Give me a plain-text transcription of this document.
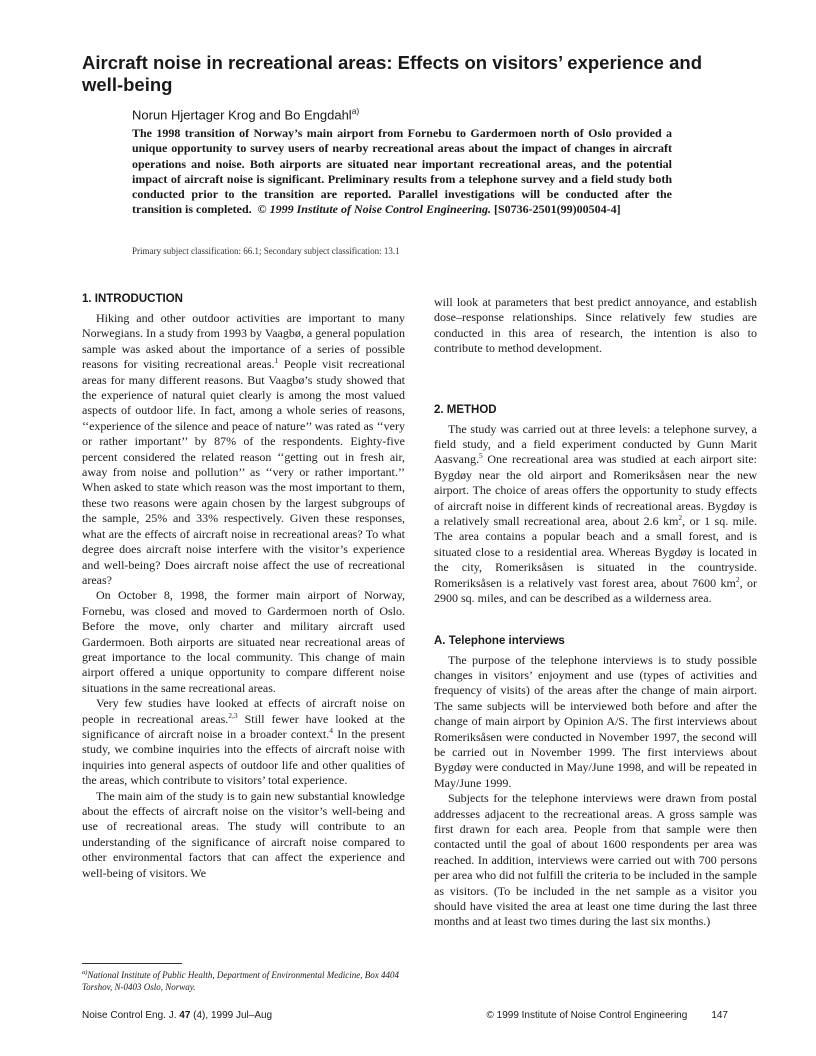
Aircraft noise in recreational areas: Effects on visitors’ experience and well-being
Norun Hjertager Krog and Bo Engdahl$^{a)}$

The 1998 transition of Norway’s main airport from Fornebu to Gardermoen north of Oslo provided a unique opportunity to survey users of nearby recreational areas about the impact of changes in aircraft operations and noise. Both airports are situated near important recreational areas, and the potential impact of aircraft noise is significant. Preliminary results from a telephone survey and a field study both conducted prior to the transition are reported. Parallel investigations will be conducted after the transition is completed. © 1999 Institute of Noise Control Engineering. [S0736-2501(99)00504-4]

Primary subject classification: 66.1; Secondary subject classification: 13.1
1. INTRODUCTION

Hiking and other outdoor activities are important to many Norwegians. In a study from 1993 by Vaagbø, a general population sample was asked about the importance of a series of possible reasons for visiting recreational areas.$^1$ People visit recreational areas for many different reasons. But Vaagbø’s study showed that the experience of natural quiet clearly is among the most valued aspects of outdoor life. In fact, among a whole series of reasons, ‘‘experience of the silence and peace of nature’’ was rated as ‘‘very or rather important’’ by 87% of the respondents. Eighty-five percent considered the related reason ‘‘getting out in fresh air, away from noise and pollution’’ as ‘‘very or rather important.’’ When asked to state which reason was the most important to them, these two reasons were again chosen by the largest subgroups of the sample, 25% and 33% respectively. Given these responses, what are the effects of aircraft noise in recreational areas? To what degree does aircraft noise interfere with the visitor’s experience and well-being? Does aircraft noise affect the use of recreational areas?

On October 8, 1998, the former main airport of Norway, Fornebu, was closed and moved to Gardermoen north of Oslo. Before the move, only charter and military aircraft used Gardermoen. Both airports are situated near recreational areas of great importance to the local community. This change of main airport offered a unique opportunity to compare different noise situations in the same recreational areas.

Very few studies have looked at effects of aircraft noise on people in recreational areas.$^{2,3}$ Still fewer have looked at the significance of aircraft noise in a broader context.$^4$ In the present study, we combine inquiries into the effects of aircraft noise with inquiries into general aspects of outdoor life and other qualities of the areas, which contribute to visitors’ total experience.

The main aim of the study is to gain new substantial knowledge about the effects of aircraft noise on the visitor’s well-being and use of recreational areas. The study will contribute to an understanding of the significance of aircraft noise compared to other environmental factors that can affect the experience and well-being of visitors. We

will look at parameters that best predict annoyance, and establish dose–response relationships. Since relatively few studies are conducted in this area of research, the intention is also to contribute to method development.

2. METHOD

The study was carried out at three levels: a telephone survey, a field study, and a field experiment conducted by Gunn Marit Aasvang.$^5$ One recreational area was studied at each airport site: Bygdøy near the old airport and Romeriksåsen near the new airport. The choice of areas offers the opportunity to study effects of aircraft noise in different kinds of recreational areas. Bygdøy is a relatively small recreational area, about 2.6 $km^2$, or 1 sq. mile. The area contains a popular beach and a small forest, and is situated close to a residential area. Whereas Bygdøy is located in the city, Romeriksåsen is situated in the countryside. Romeriksåsen is a relatively vast forest area, about 7600 $km^2$, or 2900 sq. miles, and can be described as a wilderness area.

A. Telephone interviews

The purpose of the telephone interviews is to study possible changes in visitors’ enjoyment and use (types of activities and frequency of visits) of the areas after the change of main airport. The same subjects will be interviewed both before and after the change of main airport by Opinion A/S. The first interviews about Romeriksåsen were conducted in November 1997, the second will be carried out in November 1999. The first interviews about Bygdøy were conducted in May/June 1998, and will be repeated in May/June 1999.

Subjects for the telephone interviews were drawn from postal addresses adjacent to the recreational areas. A gross sample was first drawn for each area. People from that sample were then contacted until the goal of about 1600 respondents per area was reached. In addition, interviews were carried out with 700 persons per area who did not fulfill the criteria to be included in the sample as visitors. (To be included in the net sample as a visitor you should have visited the area at least one time during the last three months and at least two times during the last six months.)

$^{a)}$National Institute of Public Health, Department of Environmental Medicine, Box 4404 Torshov, N-0403 Oslo, Norway.
Noise Control Eng. J. 47 (4), 1999 Jul–Aug	© 1999 Institute of Noise Control Engineering 147
